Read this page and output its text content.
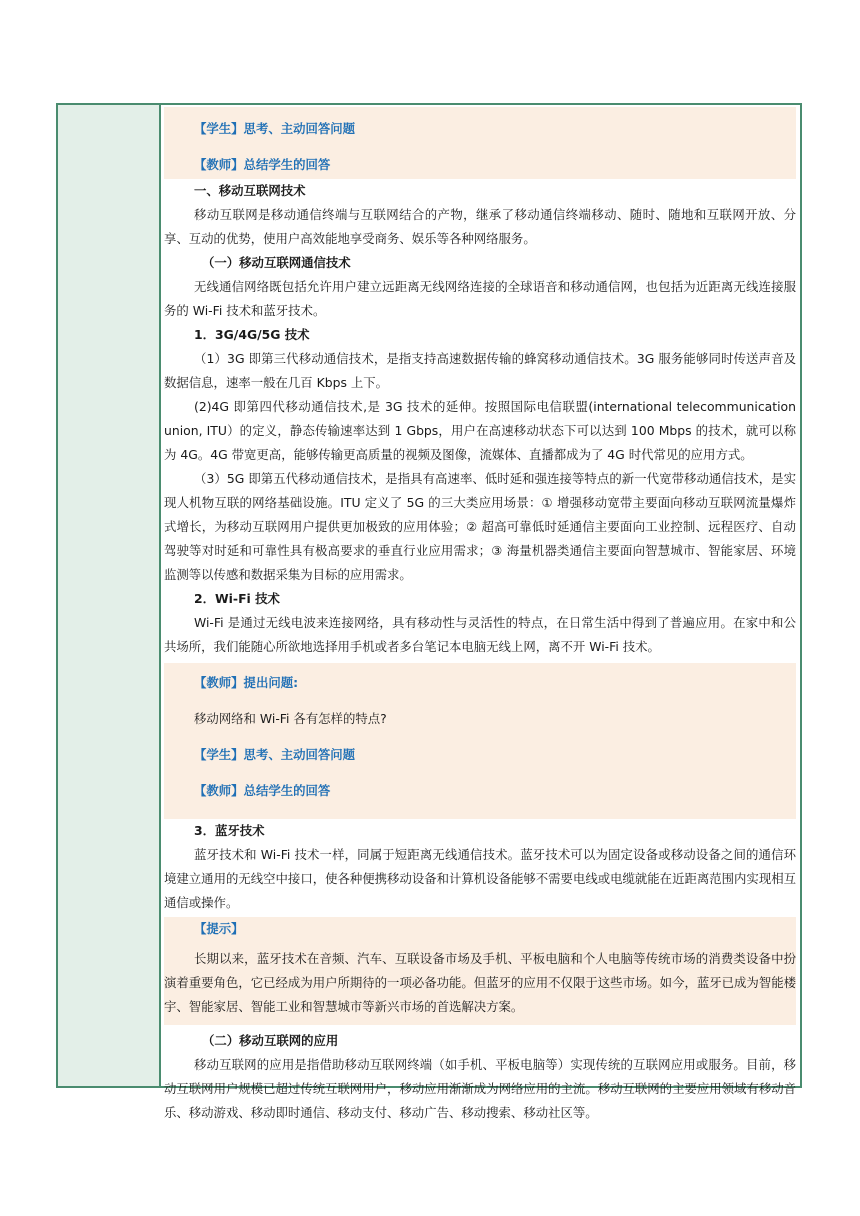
【学生】思考、主动回答问题
【教师】总结学生的回答
一、移动互联网技术
移动互联网是移动通信终端与互联网结合的产物，继承了移动通信终端移动、随时、随地和互联网开放、分享、互动的优势，使用户高效能地享受商务、娱乐等各种网络服务。
（一）移动互联网通信技术
无线通信网络既包括允许用户建立远距离无线网络连接的全球语音和移动通信网，也包括为近距离无线连接服务的 Wi-Fi 技术和蓝牙技术。
1．3G/4G/5G 技术
（1）3G 即第三代移动通信技术，是指支持高速数据传输的蜂窝移动通信技术。3G 服务能够同时传送声音及数据信息，速率一般在几百 Kbps 上下。
(2)4G 即第四代移动通信技术,是 3G 技术的延伸。按照国际电信联盟(international telecommunication union, ITU）的定义，静态传输速率达到 1 Gbps，用户在高速移动状态下可以达到 100 Mbps 的技术，就可以称为 4G。4G 带宽更高，能够传输更高质量的视频及图像，流媒体、直播都成为了 4G 时代常见的应用方式。
（3）5G 即第五代移动通信技术，是指具有高速率、低时延和强连接等特点的新一代宽带移动通信技术，是实现人机物互联的网络基础设施。ITU 定义了 5G 的三大类应用场景：① 增强移动宽带主要面向移动互联网流量爆炸式增长，为移动互联网用户提供更加极致的应用体验；② 超高可靠低时延通信主要面向工业控制、远程医疗、自动驾驶等对时延和可靠性具有极高要求的垂直行业应用需求；③ 海量机器类通信主要面向智慧城市、智能家居、环境监测等以传感和数据采集为目标的应用需求。
2．Wi-Fi 技术
Wi-Fi 是通过无线电波来连接网络，具有移动性与灵活性的特点，在日常生活中得到了普遍应用。在家中和公共场所，我们能随心所欲地选择用手机或者多台笔记本电脑无线上网，离不开 Wi-Fi 技术。
【教师】提出问题:
移动网络和 Wi-Fi 各有怎样的特点?
【学生】思考、主动回答问题
【教师】总结学生的回答
3．蓝牙技术
蓝牙技术和 Wi-Fi 技术一样，同属于短距离无线通信技术。蓝牙技术可以为固定设备或移动设备之间的通信环境建立通用的无线空中接口，使各种便携移动设备和计算机设备能够不需要电线或电缆就能在近距离范围内实现相互通信或操作。
【提示】
长期以来，蓝牙技术在音频、汽车、互联设备市场及手机、平板电脑和个人电脑等传统市场的消费类设备中扮演着重要角色，它已经成为用户所期待的一项必备功能。但蓝牙的应用不仅限于这些市场。如今，蓝牙已成为智能楼宇、智能家居、智能工业和智慧城市等新兴市场的首选解决方案。
（二）移动互联网的应用
移动互联网的应用是指借助移动互联网终端（如手机、平板电脑等）实现传统的互联网应用或服务。目前，移动互联网用户规模已超过传统互联网用户，移动应用渐渐成为网络应用的主流。移动互联网的主要应用领域有移动音乐、移动游戏、移动即时通信、移动支付、移动广告、移动搜索、移动社区等。
